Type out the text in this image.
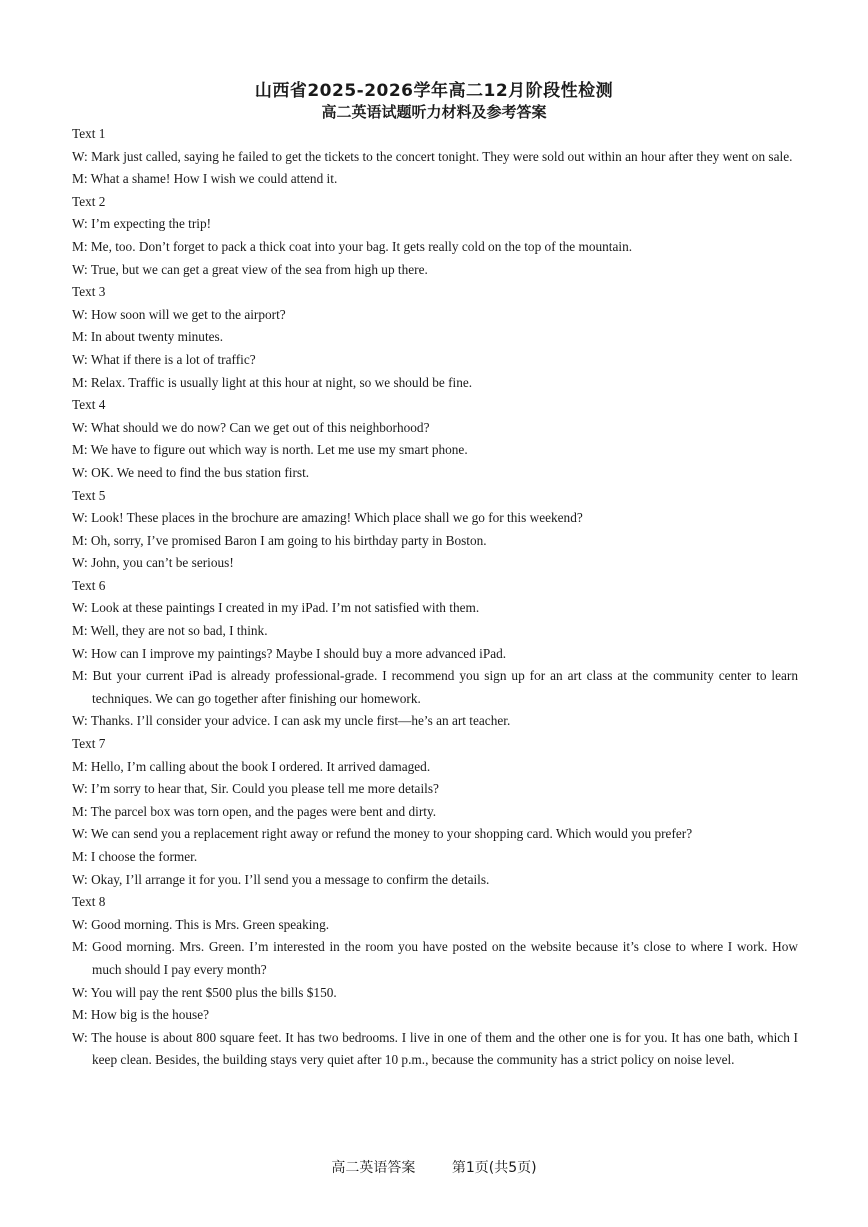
山西省2025-2026学年高二12月阶段性检测
高二英语试题听力材料及参考答案
Text 1
W: Mark just called, saying he failed to get the tickets to the concert tonight. They were sold out within an hour after they went on sale.
M: What a shame! How I wish we could attend it.
Text 2
W: I’m expecting the trip!
M: Me, too. Don’t forget to pack a thick coat into your bag. It gets really cold on the top of the mountain.
W: True, but we can get a great view of the sea from high up there.
Text 3
W: How soon will we get to the airport?
M: In about twenty minutes.
W: What if there is a lot of traffic?
M: Relax. Traffic is usually light at this hour at night, so we should be fine.
Text 4
W: What should we do now? Can we get out of this neighborhood?
M: We have to figure out which way is north. Let me use my smart phone.
W: OK. We need to find the bus station first.
Text 5
W: Look! These places in the brochure are amazing! Which place shall we go for this weekend?
M: Oh, sorry, I’ve promised Baron I am going to his birthday party in Boston.
W: John, you can’t be serious!
Text 6
W: Look at these paintings I created in my iPad. I’m not satisfied with them.
M: Well, they are not so bad, I think.
W: How can I improve my paintings? Maybe I should buy a more advanced iPad.
M: But your current iPad is already professional-grade. I recommend you sign up for an art class at the community center to learn techniques. We can go together after finishing our homework.
W: Thanks. I’ll consider your advice. I can ask my uncle first—he’s an art teacher.
Text 7
M: Hello, I’m calling about the book I ordered. It arrived damaged.
W: I’m sorry to hear that, Sir. Could you please tell me more details?
M: The parcel box was torn open, and the pages were bent and dirty.
W: We can send you a replacement right away or refund the money to your shopping card. Which would you prefer?
M: I choose the former.
W: Okay, I’ll arrange it for you. I’ll send you a message to confirm the details.
Text 8
W: Good morning. This is Mrs. Green speaking.
M: Good morning. Mrs. Green. I’m interested in the room you have posted on the website because it’s close to where I work. How much should I pay every month?
W: You will pay the rent $500 plus the bills $150.
M: How big is the house?
W: The house is about 800 square feet. It has two bedrooms. I live in one of them and the other one is for you. It has one bath, which I keep clean. Besides, the building stays very quiet after 10 p.m., because the community has a strict policy on noise level.
高二英语答案	第1页(共5页)
